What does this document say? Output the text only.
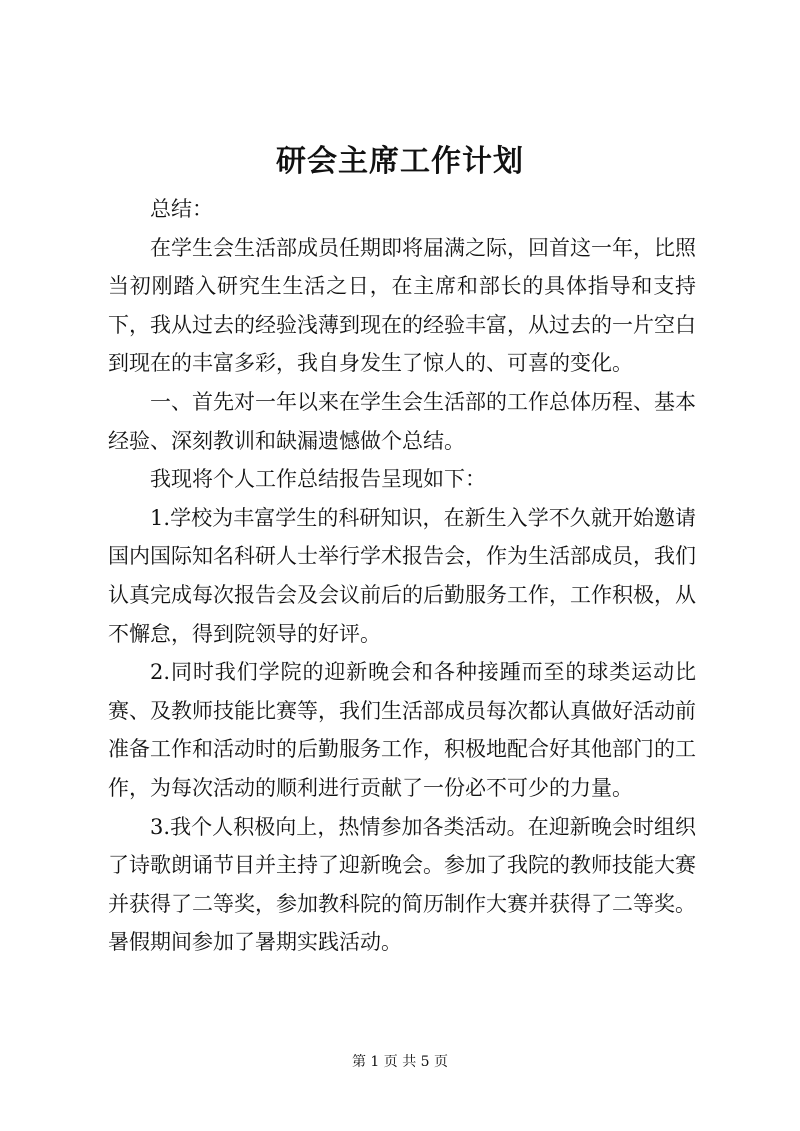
研会主席工作计划

总结：

在学生会生活部成员任期即将届满之际，回首这一年，比照当初刚踏入研究生生活之日，在主席和部长的具体指导和支持下，我从过去的经验浅薄到现在的经验丰富，从过去的一片空白到现在的丰富多彩，我自身发生了惊人的、可喜的变化。

一、首先对一年以来在学生会生活部的工作总体历程、基本经验、深刻教训和缺漏遗憾做个总结。

我现将个人工作总结报告呈现如下：

1.学校为丰富学生的科研知识，在新生入学不久就开始邀请国内国际知名科研人士举行学术报告会，作为生活部成员，我们认真完成每次报告会及会议前后的后勤服务工作，工作积极，从不懈怠，得到院领导的好评。

2.同时我们学院的迎新晚会和各种接踵而至的球类运动比赛、及教师技能比赛等，我们生活部成员每次都认真做好活动前准备工作和活动时的后勤服务工作，积极地配合好其他部门的工作，为每次活动的顺利进行贡献了一份必不可少的力量。

3.我个人积极向上，热情参加各类活动。在迎新晚会时组织了诗歌朗诵节目并主持了迎新晚会。参加了我院的教师技能大赛并获得了二等奖，参加教科院的简历制作大赛并获得了二等奖。暑假期间参加了暑期实践活动。

第 1 页 共 5 页
